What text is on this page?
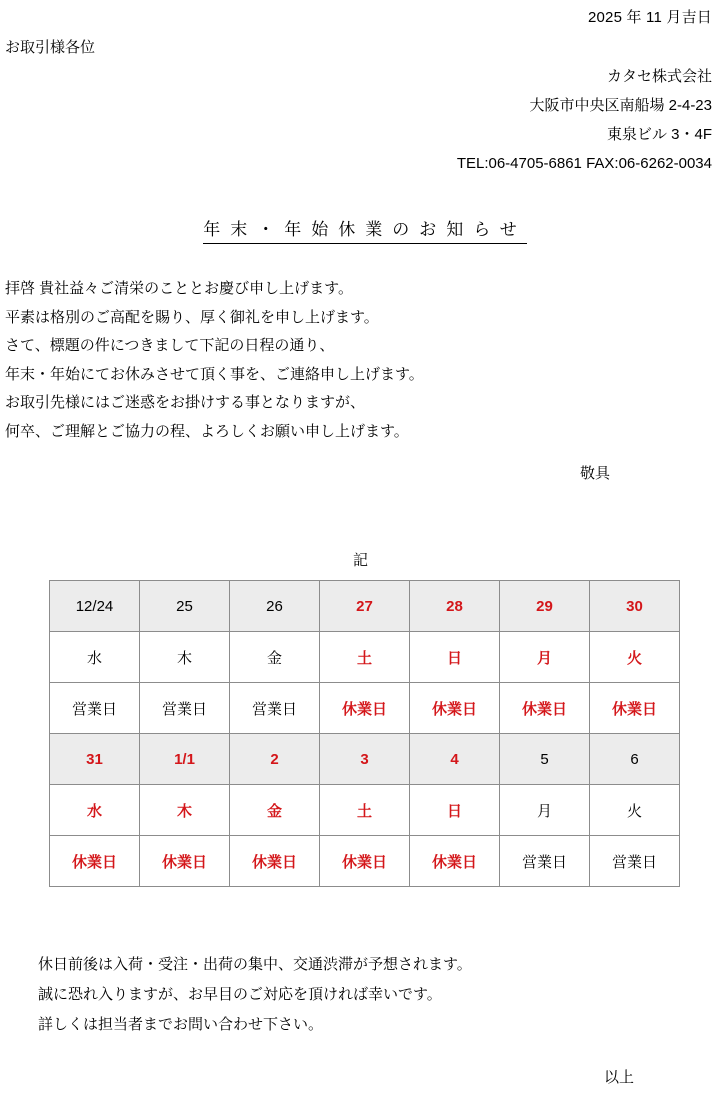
2025 年 11 月吉日
お取引様各位
カタセ株式会社
大阪市中央区南船場 2-4-23
東泉ビル 3・4F
TEL:06-4705-6861 FAX:06-6262-0034
年末・年始休業のお知らせ

拝啓 貴社益々ご清栄のこととお慶び申し上げます。

平素は格別のご高配を賜り、厚く御礼を申し上げます。

さて、標題の件につきまして下記の日程の通り、

年末・年始にてお休みさせて頂く事を、ご連絡申し上げます。

お取引先様にはご迷惑をお掛けする事となりますが、

何卒、ご理解とご協力の程、よろしくお願い申し上げます。

敬具
記
12/24	25	26	27	28	29	30
水	木	金	土	日	月	火
営業日	営業日	営業日	休業日	休業日	休業日	休業日
31	1/1	2	3	4	5	6
水	木	金	土	日	月	火
休業日	休業日	休業日	休業日	休業日	営業日	営業日

休日前後は入荷・受注・出荷の集中、交通渋滞が予想されます。

誠に恐れ入りますが、お早目のご対応を頂ければ幸いです。

詳しくは担当者までお問い合わせ下さい。

以上
